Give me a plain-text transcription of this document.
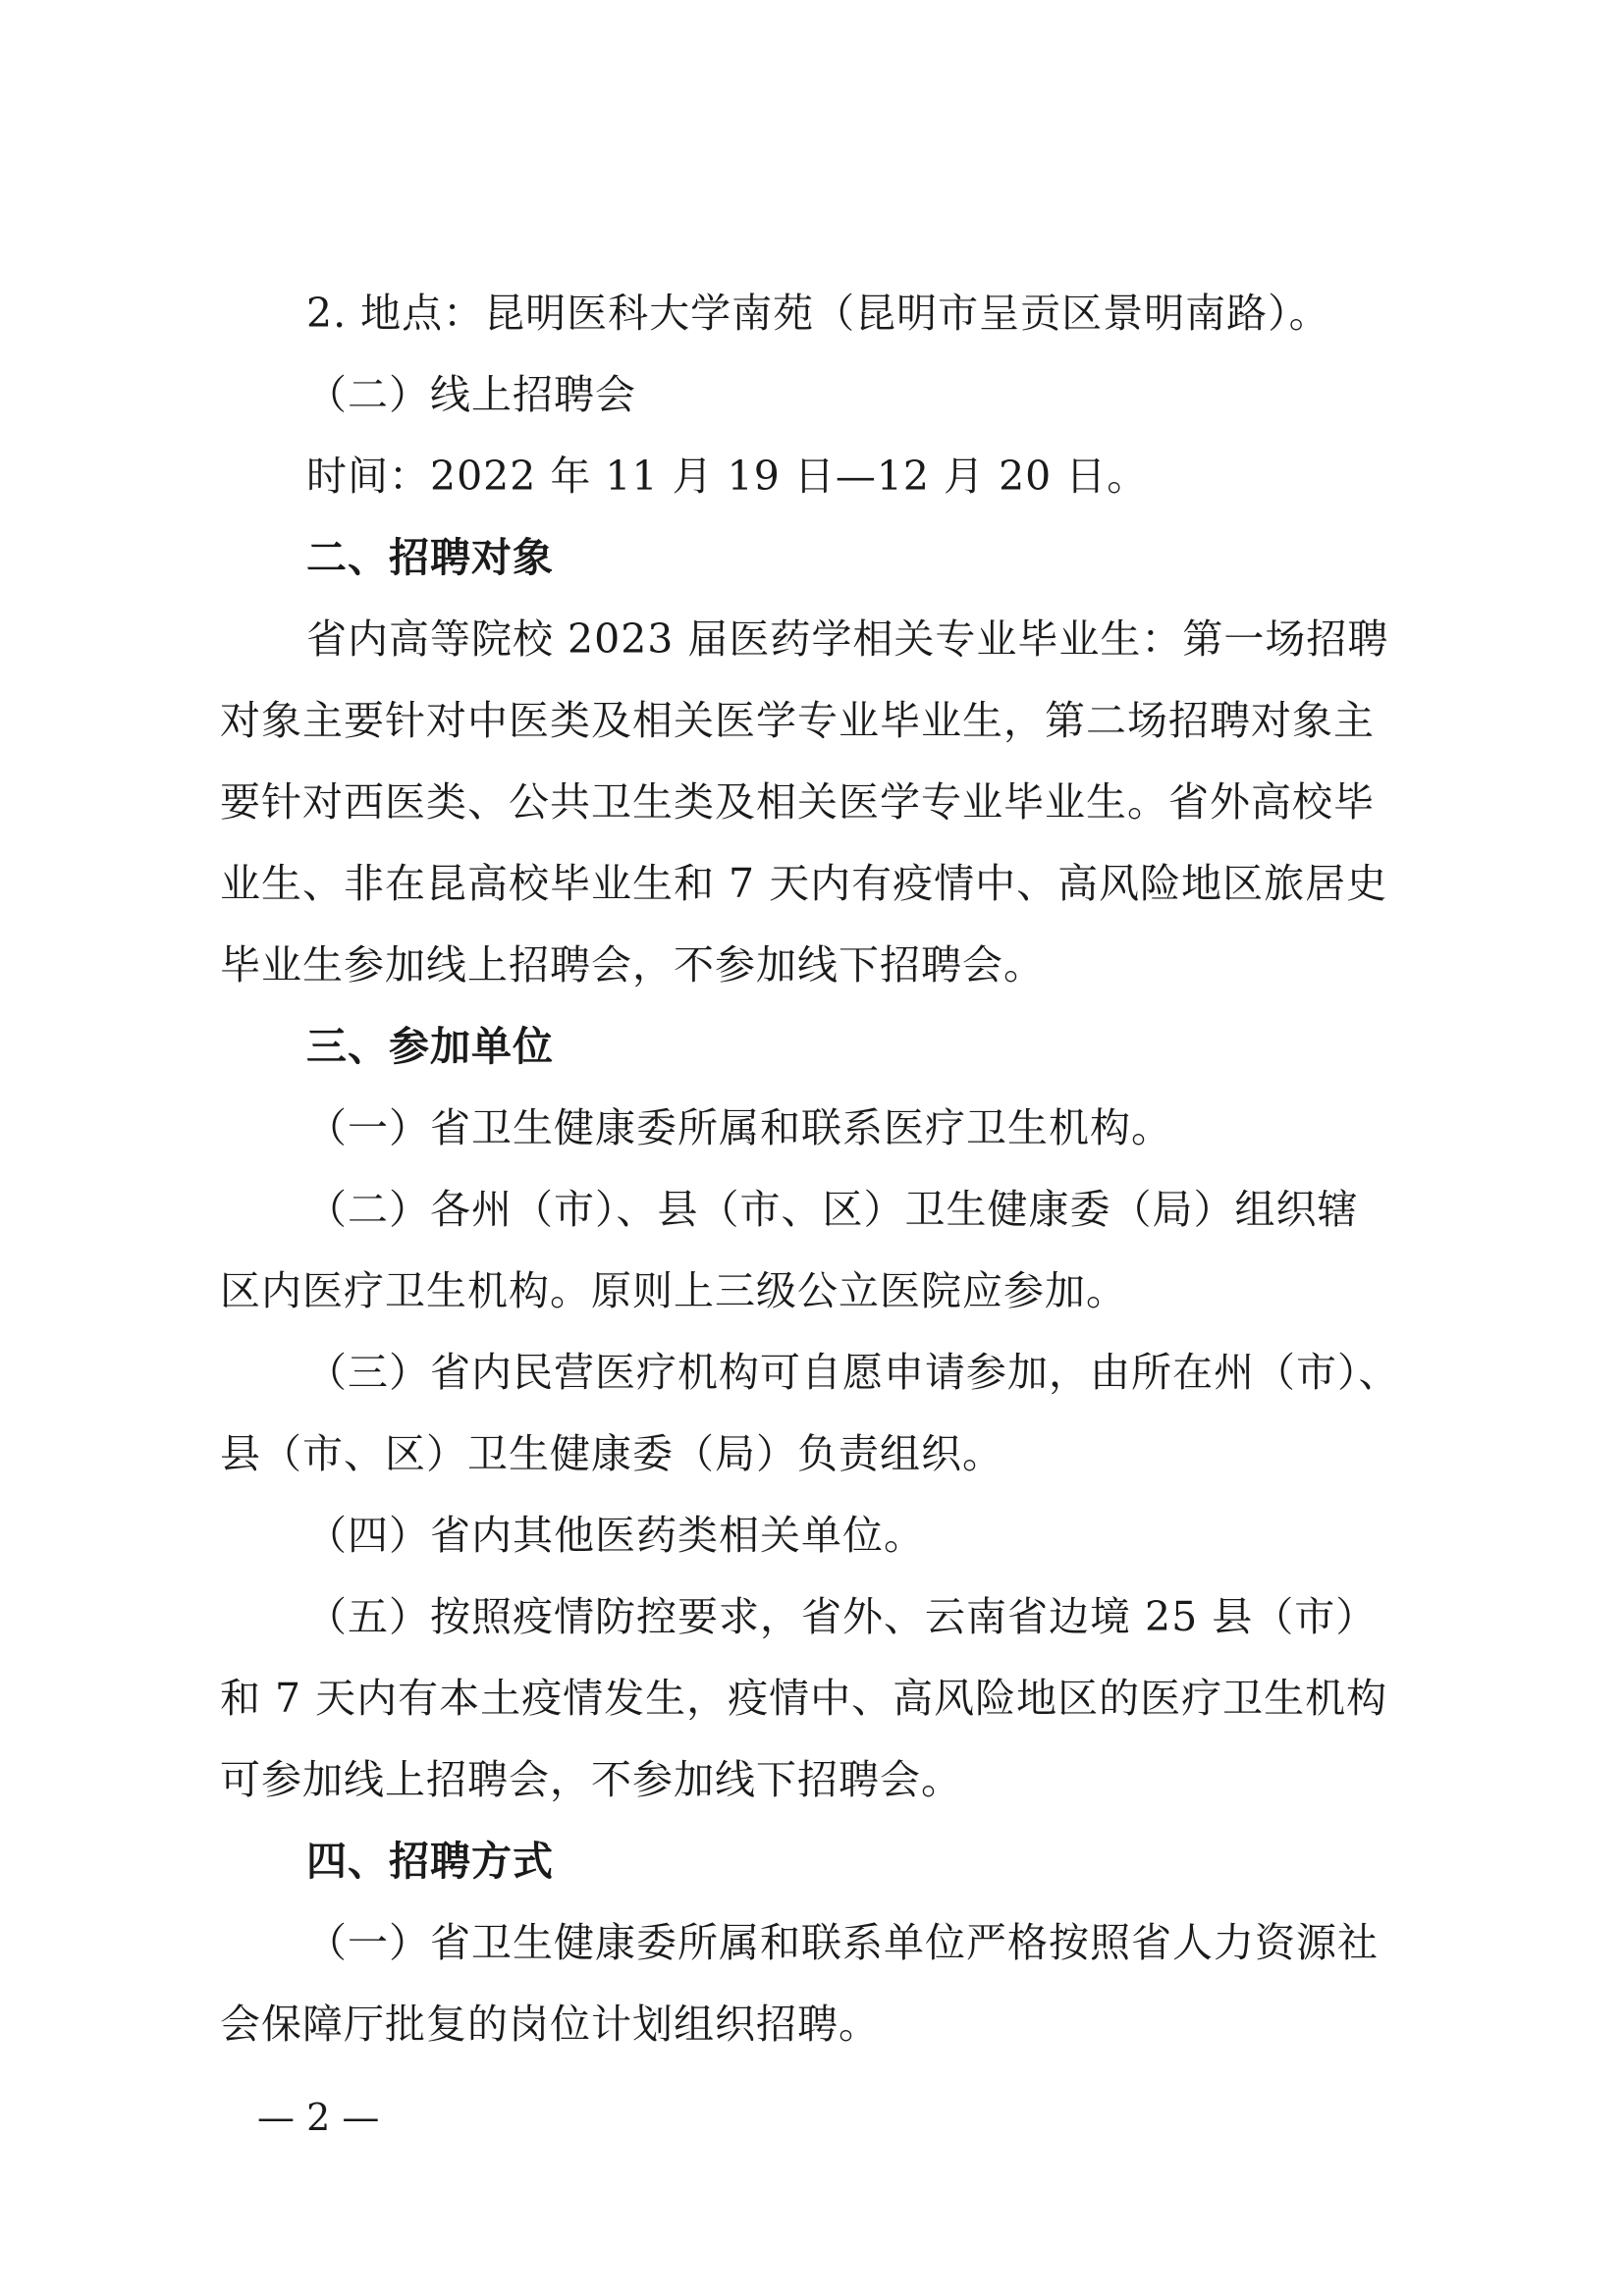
2. 地点：昆明医科大学南苑（昆明市呈贡区景明南路）。
（二）线上招聘会
时间：2022 年 11 月 19 日—12 月 20 日。
二、招聘对象
省内高等院校 2023 届医药学相关专业毕业生：第一场招聘
对象主要针对中医类及相关医学专业毕业生，第二场招聘对象主
要针对西医类、公共卫生类及相关医学专业毕业生。省外高校毕
业生、非在昆高校毕业生和 7 天内有疫情中、高风险地区旅居史
毕业生参加线上招聘会，不参加线下招聘会。
三、参加单位
（一）省卫生健康委所属和联系医疗卫生机构。
（二）各州（市）、县（市、区）卫生健康委（局）组织辖
区内医疗卫生机构。原则上三级公立医院应参加。
（三）省内民营医疗机构可自愿申请参加，由所在州（市）、
县（市、区）卫生健康委（局）负责组织。
（四）省内其他医药类相关单位。
（五）按照疫情防控要求，省外、云南省边境 25 县（市）
和 7 天内有本土疫情发生，疫情中、高风险地区的医疗卫生机构
可参加线上招聘会，不参加线下招聘会。
四、招聘方式
（一）省卫生健康委所属和联系单位严格按照省人力资源社
会保障厅批复的岗位计划组织招聘。
— 2 —
